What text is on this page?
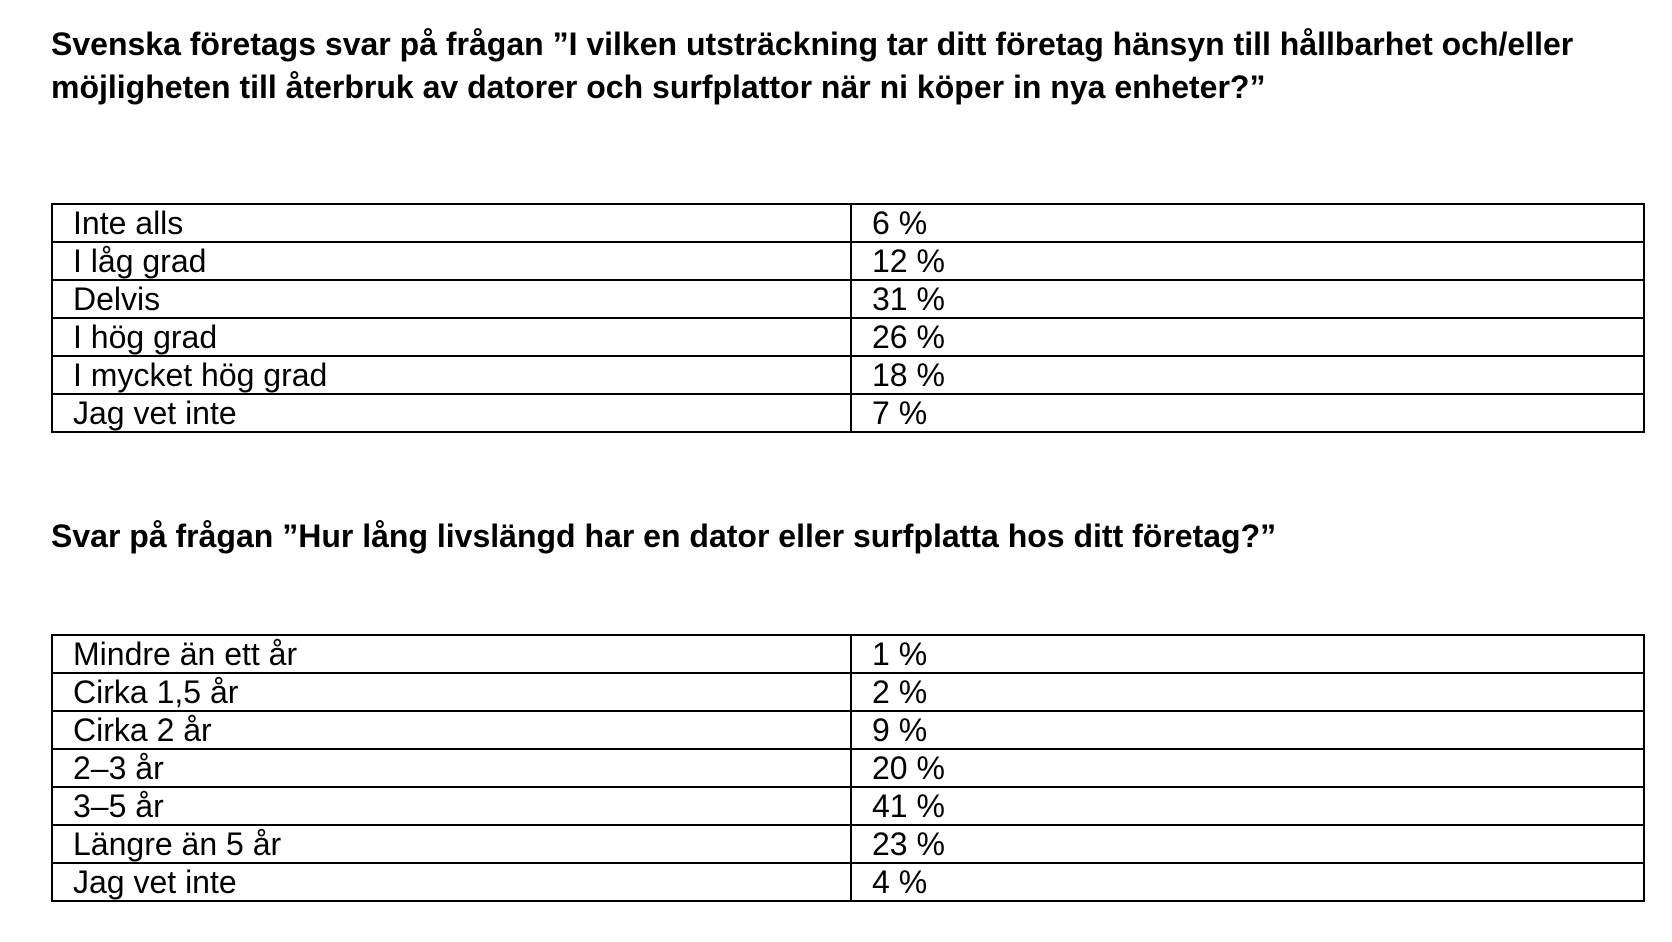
Svenska företags svar på frågan ”I vilken utsträckning tar ditt företag hänsyn till hållbarhet och/eller möjligheten till återbruk av datorer och surfplattor när ni köper in nya enheter?”
Inte alls	6 %
I låg grad	12 %
Delvis	31 %
I hög grad	26 %
I mycket hög grad	18 %
Jag vet inte	7 %
Svar på frågan ”Hur lång livslängd har en dator eller surfplatta hos ditt företag?”
Mindre än ett år	1 %
Cirka 1,5 år	2 %
Cirka 2 år	9 %
2–3 år	20 %
3–5 år	41 %
Längre än 5 år	23 %
Jag vet inte	4 %
